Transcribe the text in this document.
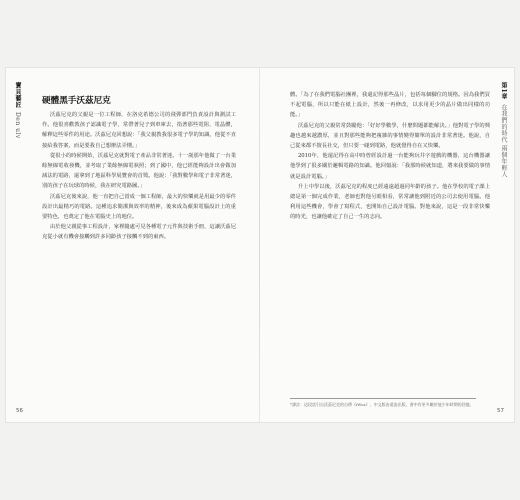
寶貝藝匠 Den ulv
硬體黑手沃茲尼克

沃茲尼克的父親是一位工程師，在洛克希德公司的飛彈部門負責設計與測試工作。他很喜歡教孩子認識電子學，常帶著兒子到車庫去，指著那些電阻、電晶體，解釋這些零件的用途。沃茲尼克回想說：「我父親教我很多電子學的知識，他從不直接給我答案，而是要我自己想辦法弄懂。」

從很小的時候開始，沃茲尼克就對電子產品非常著迷。十一歲那年他做了一台業餘無線電收發機，並考取了業餘無線電執照；到了國中，他已經能夠設計出會做加減法的電路，還拿到了地區科學展覽會的首獎。他說：「我對數學和電子非常著迷，別的孩子在玩球的時候，我在研究電路圖。」

沃茲尼克後來說，他一直把自己當成一個工程師，最大的快樂就是用最少的零件設計出最精巧的電路。這種追求簡潔與效率的精神，後來成為蘋果電腦設計上的重要特色，也奠定了他在電腦史上的地位。

由於他父親從事工程設計，家裡隨處可見各種電子元件與技術手冊，這讓沃茲尼克從小就有機會接觸到許多同齡孩子接觸不到的東西。

56
第1章 在我們的時代 兩個年輕人

體。「為了在我們電腦社團裡，我還記得那些晶片，包括每個腳位的規格。因為我們買不起電腦，所以只能在紙上設計，然後一再修改，以求用更少的晶片做出同樣的功能。」

沃茲尼克的父親常常鼓勵他：「好好學數學，什麼問題都能解決。」他對電子學的興趣也越來越濃厚，並且對那些能夠把複雜的事情變得簡單的設計非常著迷。他說，自己從來都不擅長社交，但只要一碰到電路，他就覺得自在又快樂。

2010年，他還記得在高中時曾經設計過一台能夠玩井字遊戲的機器，這台機器讓他學到了很多關於邏輯電路的知識。他回憶說：「我那時候就知道，將來我要做的事情就是設計電腦。」

升上中學以後，沃茲尼克的程度已經遠遠超過同年齡的孩子。他在學校的電子課上總是第一個完成作業，老師也對他另眼相看，常常讓他到附近的公司去使用電腦。他利用這些機會，學會了寫程式，也開始自己設計電腦。對他來說，這是一段非常快樂的時光，也讓他確定了自己一生的志向。

*譯註：這段話引自沃茲尼克的自傳《iWoz》，中文版由遠流出版，書中有更多關於他少年時期的回憶。
57
